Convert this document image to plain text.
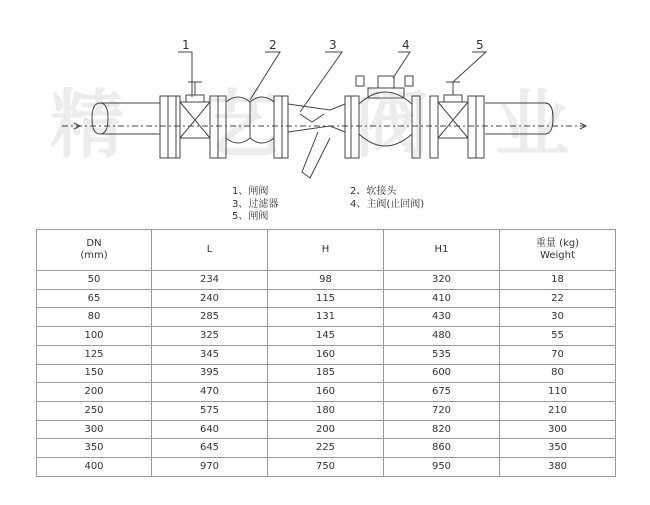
精 艺 阀 业
1	2	3	4	5
1、闸阀	2、软接头
3、过滤器	4、主阀(止回阀)
5、闸阀
DN
(mm)	L	H	H1	重量 (kg)
Weight
50	234	98	320	18
65	240	115	410	22
80	285	131	430	30
100	325	145	480	55
125	345	160	535	70
150	395	185	600	80
200	470	160	675	110
250	575	180	720	210
300	640	200	820	300
350	645	225	860	350
400	970	750	950	380
